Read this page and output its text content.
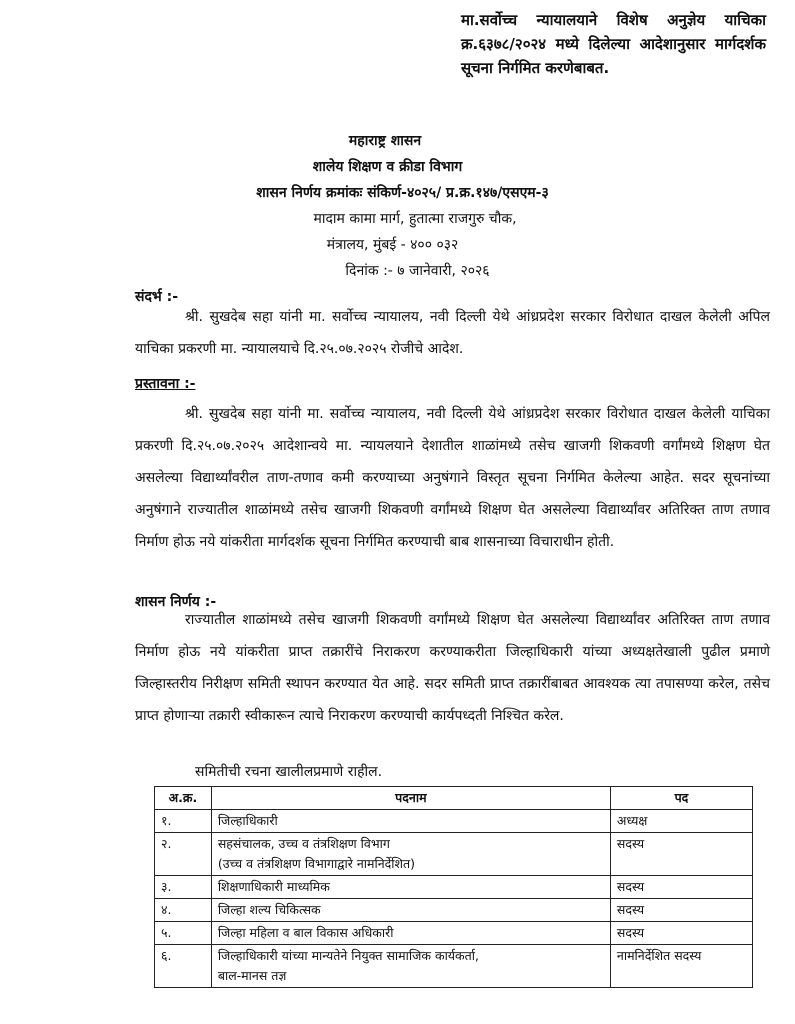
मा.सर्वोच्च न्यायालयाने विशेष अनुज्ञेय याचिका क्र.६३७८/२०२४ मध्ये दिलेल्या आदेशानुसार मार्गदर्शक सूचना निर्गमित करणेबाबत.
महाराष्ट्र शासन
शालेय शिक्षण व क्रीडा विभाग
शासन निर्णय क्रमांकः संकिर्ण-४०२५/ प्र.क्र.१४७/एसएम-३
मादाम कामा मार्ग, हुतात्मा राजगुरु चौक,
मंत्रालय, मुंबई - ४०० ०३२
दिनांक :- ७ जानेवारी, २०२६
संदर्भ :-
श्री. सुखदेब सहा यांनी मा. सर्वोच्च न्यायालय, नवी दिल्ली येथे आंध्रप्रदेश सरकार विरोधात दाखल केलेली अपिल याचिका प्रकरणी मा. न्यायालयाचे दि.२५.०७.२०२५ रोजीचे आदेश.
प्रस्तावना :-
श्री. सुखदेब सहा यांनी मा. सर्वोच्च न्यायालय, नवी दिल्ली येथे आंध्रप्रदेश सरकार विरोधात दाखल केलेली याचिका प्रकरणी दि.२५.०७.२०२५ आदेशान्वये मा. न्यायलयाने देशातील शाळांमध्ये तसेच खाजगी शिकवणी वर्गांमध्ये शिक्षण घेत असलेल्या विद्यार्थ्यांवरील ताण-तणाव कमी करण्याच्या अनुषंगाने विस्तृत सूचना निर्गमित केलेल्या आहेत. सदर सूचनांच्या अनुषंगाने राज्यातील शाळांमध्ये तसेच खाजगी शिकवणी वर्गांमध्ये शिक्षण घेत असलेल्या विद्यार्थ्यांवर अतिरिक्त ताण तणाव निर्माण होऊ नये यांकरीता मार्गदर्शक सूचना निर्गमित करण्याची बाब शासनाच्या विचाराधीन होती.
शासन निर्णय :-
राज्यातील शाळांमध्ये तसेच खाजगी शिकवणी वर्गांमध्ये शिक्षण घेत असलेल्या विद्यार्थ्यांवर अतिरिक्त ताण तणाव निर्माण होऊ नये यांकरीता प्राप्त तक्रारींचे निराकरण करण्याकरीता जिल्हाधिकारी यांच्या अध्यक्षतेखाली पुढील प्रमाणे जिल्हास्तरीय निरीक्षण समिती स्थापन करण्यात येत आहे. सदर समिती प्राप्त तक्रारींबाबत आवश्यक त्या तपासण्या करेल, तसेच प्राप्त होणाऱ्या तक्रारी स्वीकारून त्याचे निराकरण करण्याची कार्यपध्दती निश्चित करेल.
समितीची रचना खालीलप्रमाणे राहील.
अ.क्र.	पदनाम	पद
१.	जिल्हाधिकारी	अध्यक्ष
२.	सहसंचालक, उच्च व तंत्रशिक्षण विभाग
(उच्च व तंत्रशिक्षण विभागाद्वारे नामनिर्देशित)	सदस्य
३.	शिक्षणाधिकारी माध्यमिक	सदस्य
४.	जिल्हा शल्य चिकित्सक	सदस्य
५.	जिल्हा महिला व बाल विकास अधिकारी	सदस्य
६.	जिल्हाधिकारी यांच्या मान्यतेने नियुक्त सामाजिक कार्यकर्ता,
बाल-मानस तज्ञ	नामनिर्देशित सदस्य
